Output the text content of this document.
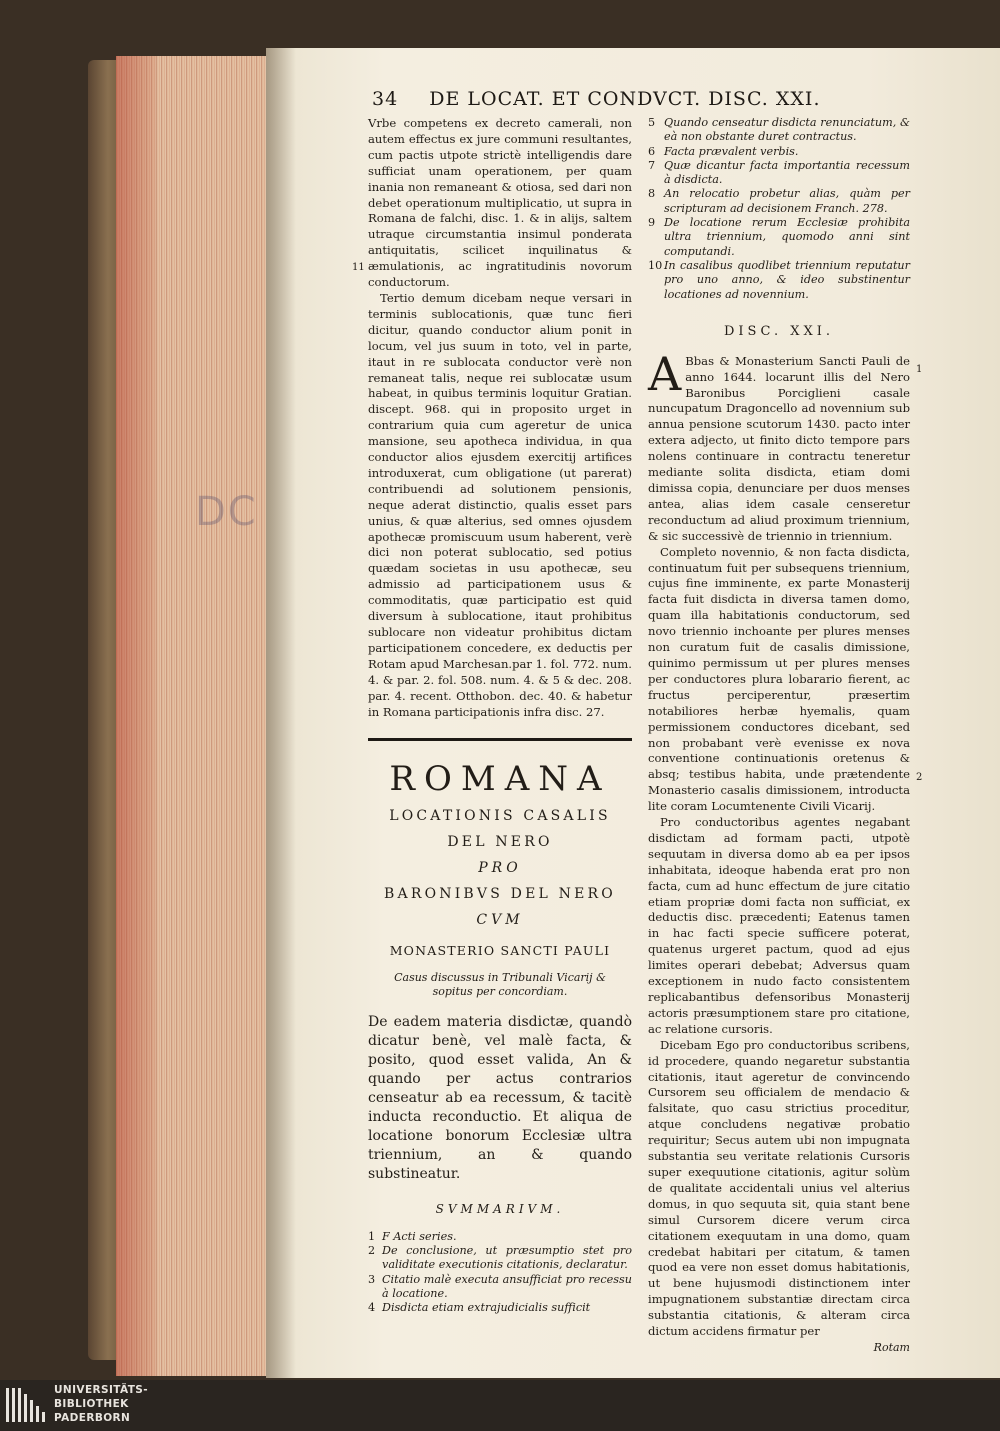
DC
34 DE LOCAT. ET CONDVCT. DISC. XXI.
11
1
2

Vrbe competens ex decreto camerali, non autem effectus ex jure communi resultantes, cum pactis utpote strictè intelligendis dare sufficiat unam operationem, per quam inania non remaneant & otiosa, sed dari non debet operationum multiplicatio, ut supra in Romana de falchi, disc. 1. & in alijs, saltem utraque circumstantia insimul ponderata antiquitatis, scilicet inquilinatus & æmulationis, ac ingratitudinis novorum conductorum.

Tertio demum dicebam neque versari in terminis sublocationis, quæ tunc fieri dicitur, quando conductor alium ponit in locum, vel jus suum in toto, vel in parte, itaut in re sublocata conductor verè non remaneat talis, neque rei sublocatæ usum habeat, in quibus terminis loquitur Gratian. discept. 968. qui in proposito urget in contrarium quia cum ageretur de unica mansione, seu apotheca individua, in qua conductor alios ejusdem exercitij artifices introduxerat, cum obligatione (ut parerat) contribuendi ad solutionem pensionis, neque aderat distinctio, qualis esset pars unius, & quæ alterius, sed omnes ojusdem apothecæ promiscuum usum haberent, verè dici non poterat sublocatio, sed potius quædam societas in usu apothecæ, seu admissio ad participationem usus & commoditatis, quæ participatio est quid diversum à sublocatione, itaut prohibitus sublocare non videatur prohibitus dictam participationem concedere, ex deductis per Rotam apud Marchesan.par 1. fol. 772. num. 4. & par. 2. fol. 508. num. 4. & 5 & dec. 208. par. 4. recent. Otthobon. dec. 40. & habetur in Romana participationis infra disc. 27.

ROMANA
LOCATIONIS CASALIS
DEL NERO
PRO
BARONIBVS DEL NERO
CVM
MONASTERIO SANCTI PAULI
Casus discussus in Tribunali Vicarij & sopitus per concordiam.

De eadem materia disdictæ, quandò dicatur benè, vel malè facta, & posito, quod esset valida, An & quando per actus contrarios censeatur ab ea recessum, & tacitè inducta reconductio. Et aliqua de locatione bonorum Ecclesiæ ultra triennium, an & quando substineatur.

SVMMARIVM.
1 F Acti series.
2 De conclusione, ut præsumptio stet pro validitate executionis citationis, declaratur.
3 Citatio malè executa ansufficiat pro recessu à locatione.
4 Disdicta etiam extrajudicialis sufficit
5 Quando censeatur disdicta renunciatum, & eà non obstante duret contractus.
6 Facta prævalent verbis.
7 Quæ dicantur facta importantia recessum à disdicta.
8 An relocatio probetur alias, quàm per scripturam ad decisionem Franch. 278.
9 De locatione rerum Ecclesiæ prohibita ultra triennium, quomodo anni sint computandi.
10 In casalibus quodlibet triennium reputatur pro uno anno, & ideo substinentur locationes ad novennium.
DISC. XXI.

A Bbas & Monasterium Sancti Pauli de anno 1644. locarunt illis del Nero Baronibus Porciglieni casale nuncupatum Dragoncello ad novennium sub annua pensione scutorum 1430. pacto inter extera adjecto, ut finito dicto tempore pars nolens continuare in contractu teneretur mediante solita disdicta, etiam domi dimissa copia, denunciare per duos menses antea, alias idem casale censeretur reconductum ad aliud proximum triennium, & sic successivè de triennio in triennium.

Completo novennio, & non facta disdicta, continuatum fuit per subsequens triennium, cujus fine imminente, ex parte Monasterij facta fuit disdicta in diversa tamen domo, quam illa habitationis conductorum, sed novo triennio inchoante per plures menses non curatum fuit de casalis dimissione, quinimo permissum ut per plures menses per conductores plura lobarario fierent, ac fructus perciperentur, præsertim notabiliores herbæ hyemalis, quam permissionem conductores dicebant, sed non probabant verè evenisse ex nova conventione continuationis oretenus & absq; testibus habita, unde prætendente Monasterio casalis dimissionem, introducta lite coram Locumtenente Civili Vicarij.

Pro conductoribus agentes negabant disdictam ad formam pacti, utpotè sequutam in diversa domo ab ea per ipsos inhabitata, ideoque habenda erat pro non facta, cum ad hunc effectum de jure citatio etiam propriæ domi facta non sufficiat, ex deductis disc. præcedenti; Eatenus tamen in hac facti specie sufficere poterat, quatenus urgeret pactum, quod ad ejus limites operari debebat; Adversus quam exceptionem in nudo facto consistentem replicabantibus defensoribus Monasterij actoris præsumptionem stare pro citatione, ac relatione cursoris.

Dicebam Ego pro conductoribus scribens, id procedere, quando negaretur substantia citationis, itaut ageretur de convincendo Cursorem seu officialem de mendacio & falsitate, quo casu strictius proceditur, atque concludens negativæ probatio requiritur; Secus autem ubi non impugnata substantia seu veritate relationis Cursoris super exequutione citationis, agitur solùm de qualitate accidentali unius vel alterius domus, in quo sequuta sit, quia stant bene simul Cursorem dicere verum circa citationem exequutam in una domo, quam credebat habitari per citatum, & tamen quod ea vere non esset domus habitationis, ut bene hujusmodi distinctionem inter impugnationem substantiæ directam circa substantia citationis, & alteram circa dictum accidens firmatur per

Rotam
UNIVERSITÄTS-
BIBLIOTHEK
PADERBORN
